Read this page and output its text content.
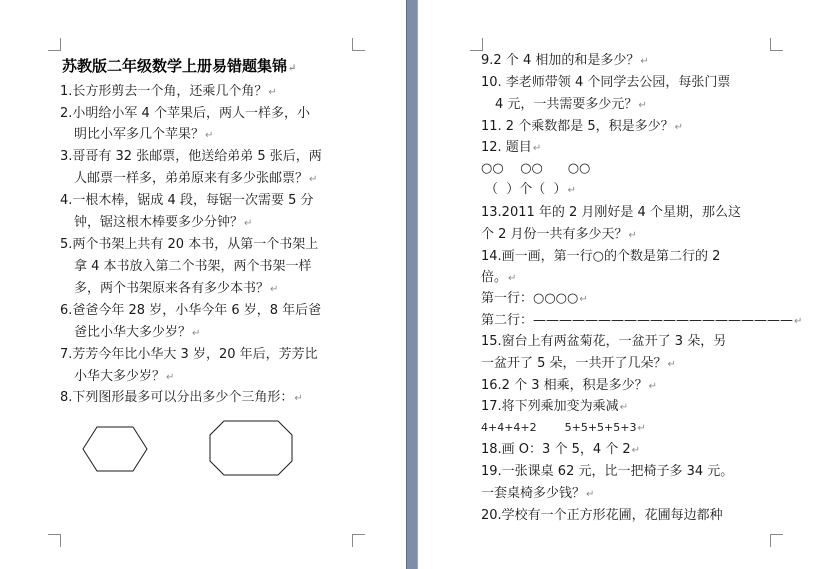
苏教版二年级数学上册易错题集锦↵
1.长方形剪去一个角，还乘几个角？↵
2.小明给小军 4 个苹果后，两人一样多，小
明比小军多几个苹果？↵
3.哥哥有 32 张邮票，他送给弟弟 5 张后，两
人邮票一样多，弟弟原来有多少张邮票？↵
4.一根木棒，锯成 4 段，每锯一次需要 5 分
钟，锯这根木棒要多少分钟？↵
5.两个书架上共有 20 本书，从第一个书架上
拿 4 本书放入第二个书架，两个书架一样
多，两个书架原来各有多少本书？↵
6.爸爸今年 28 岁，小华今年 6 岁，8 年后爸
爸比小华大多少岁？↵
7.芳芳今年比小华大 3 岁，20 年后，芳芳比
小华大多少岁？↵
8.下列图形最多可以分出多少个三角形：↵
9.2 个 4 相加的和是多少？↵
10. 李老师带领 4 个同学去公园，每张门票
4 元，一共需要多少元？↵
11. 2 个乘数都是 5，积是多少？↵
12. 题目↵
○○    ○○      ○○
（  ）个（  ）↵
13.2011 年的 2 月刚好是 4 个星期，那么这
个 2 月份一共有多少天？↵
14.画一画，第一行○的个数是第二行的 2
倍。↵
第一行：○○○○↵
第二行：————————————————————↵
15.窗台上有两盆菊花，一盆开了 3 朵，另
一盆开了 5 朵，一共开了几朵？↵
16.2 个 3 相乘，积是多少？↵
17.将下列乘加变为乘减↵
4+4+4+2        5+5+5+5+3↵
18.画 O：3 个 5，4 个 2↵
19.一张课桌 62 元，比一把椅子多 34 元。
一套桌椅多少钱？↵
20.学校有一个正方形花圃，花圃每边都种
